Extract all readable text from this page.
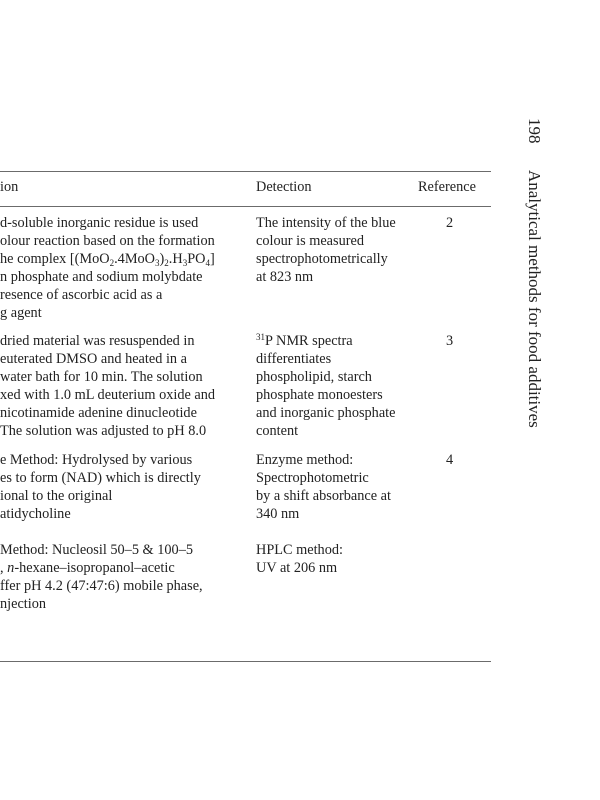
ion	Detection	Reference
d-soluble inorganic residue is used
olour reaction based on the formation
he complex $[(MoO_2.4MoO_3)_2.H_3PO_4]$
n phosphate and sodium molybdate
resence of ascorbic acid as a
g agent
The intensity of the blue
colour is measured
spectrophotometrically
at 823 nm
2
dried material was resuspended in
euterated DMSO and heated in a
water bath for 10 min. The solution
xed with 1.0 mL deuterium oxide and
nicotinamide adenine dinucleotide
The solution was adjusted to pH 8.0
$^{31}$P NMR spectra
differentiates
phospholipid, starch
phosphate monoesters
and inorganic phosphate
content
3
e Method: Hydrolysed by various
es to form (NAD) which is directly
ional to the original
atidycholine
Enzyme method:
Spectrophotometric
by a shift absorbance at
340 nm
4
Method: Nucleosil 50–5 & 100–5
, n-hexane–isopropanol–acetic
ffer pH 4.2 (47:47:6) mobile phase,
njection
HPLC method:
UV at 206 nm
198 Analytical methods for food additives
